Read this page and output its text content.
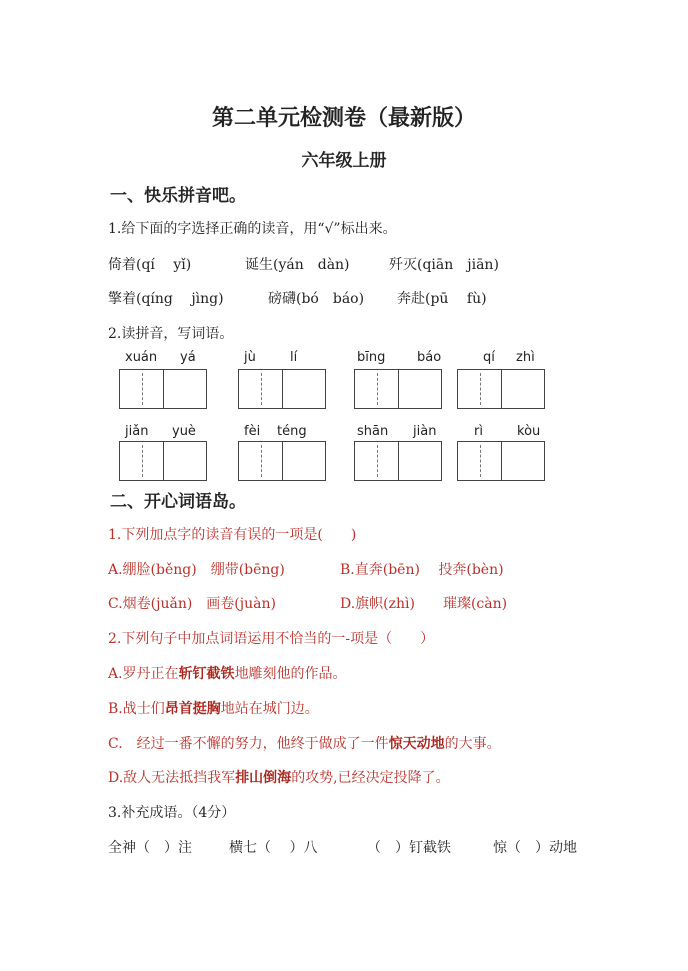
第二单元检测卷（最新版）
六年级上册
一、快乐拼音吧。
1.给下面的字选择正确的读音，用“√”标出来。
倚着(qí　 yǐ)	诞生(yán　dàn)	歼灭(qiān　jiān)
擎着(qíng　 jìng)	磅礴(bó　báo) 奔赴(pū　 fù)
2.读拼音，写词语。
xuán yá	jù	lí	bīng báo	qí zhì
jiǎn yuè	fèi téng	shān jiàn	rì	kòu
二、开心词语岛。
1.下列加点字的读音有误的一项是(　　)
A.绷脸(běng)　绷带(bēng)	B.直奔(bēn)　 投奔(bèn)
C.烟卷(juǎn)　画卷(juàn)	D.旗帜(zhì)　　璀璨(càn)
2.下列句子中加点词语运用不恰当的一-项是（　　）
A.罗丹正在斩钉截铁地雕刻他的作品。
B.战士们昂首挺胸地站在城门边。
C.　经过一番不懈的努力，他终于做成了一件惊天动地的大事。
D.敌人无法抵挡我军排山倒海的攻势,已经决定投降了。
3.补充成语。（4分）
全神（　）注	横七（　 ）八	（　）钉截铁	惊（　）动地
